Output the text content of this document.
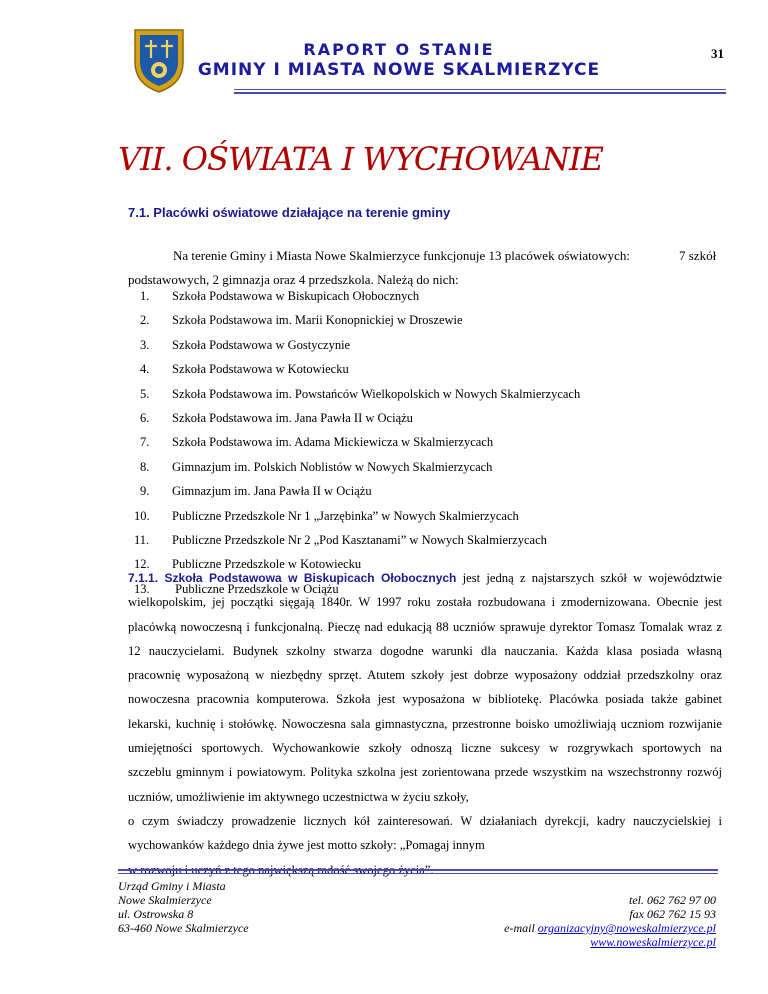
RAPORT O STANIE
GMINY I MIASTA NOWE SKALMIERZYCE
31
VII. OŚWIATA I WYCHOWANIE
7.1. Placówki oświatowe działające na terenie gminy
Na terenie Gminy i Miasta Nowe Skalmierzyce funkcjonuje 13 placówek oświatowych:	7 szkół
podstawowych, 2 gimnazja oraz 4 przedszkola. Należą do nich:
1. Szkoła Podstawowa w Biskupicach Ołobocznych
2. Szkoła Podstawowa im. Marii Konopnickiej w Droszewie
3. Szkoła Podstawowa w Gostyczynie
4. Szkoła Podstawowa w Kotowiecku
5. Szkoła Podstawowa im. Powstańców Wielkopolskich w Nowych Skalmierzycach
6. Szkoła Podstawowa im. Jana Pawła II w Ociążu
7. Szkoła Podstawowa im. Adama Mickiewicza w Skalmierzycach
8. Gimnazjum im. Polskich Noblistów w Nowych Skalmierzycach
9. Gimnazjum im. Jana Pawła II w Ociążu
10. Publiczne Przedszkole Nr 1 „Jarzębinka” w Nowych Skalmierzycach
11. Publiczne Przedszkole Nr 2 „Pod Kasztanami” w Nowych Skalmierzycach
12. Publiczne Przedszkole w Kotowiecku
13. Publiczne Przedszkole w Ociążu
7.1.1. Szkoła Podstawowa w Biskupicach Ołobocznych jest jedną z najstarszych szkół w województwie
wielkopolskim, jej początki sięgają 1840r. W 1997 roku została rozbudowana i zmodernizowana. Obecnie jest
placówką nowoczesną i funkcjonalną. Pieczę nad edukacją 88 uczniów sprawuje dyrektor Tomasz Tomalak wraz z
12 nauczycielami. Budynek szkolny stwarza dogodne warunki dla nauczania. Każda klasa posiada własną
pracownię wyposażoną w niezbędny sprzęt. Atutem szkoły jest dobrze wyposażony oddział przedszkolny oraz
nowoczesna pracownia komputerowa. Szkoła jest wyposażona w bibliotekę. Placówka posiada także gabinet
lekarski, kuchnię i stołówkę. Nowoczesna sala gimnastyczna, przestronne boisko umożliwiają uczniom rozwijanie
umiejętności sportowych. Wychowankowie szkoły odnoszą liczne sukcesy w rozgrywkach sportowych na
szczeblu gminnym i powiatowym. Polityka szkolna jest zorientowana przede wszystkim na wszechstronny rozwój
uczniów, umożliwienie im aktywnego uczestnictwa w życiu szkoły,
o czym świadczy prowadzenie licznych kół zainteresowań. W działaniach dyrekcji, kadry nauczycielskiej i
wychowanków każdego dnia żywe jest motto szkoły: „Pomagaj innym
w rozwoju i uczyń z tego największą radość swojego życia”.
Urząd Gminy i Miasta
Nowe Skalmierzyce
ul. Ostrowska 8
63-460 Nowe Skalmierzyce
tel. 062 762 97 00
fax 062 762 15 93
e-mail organizacyjny@noweskalmierzyce.pl
www.noweskalmierzyce.pl
